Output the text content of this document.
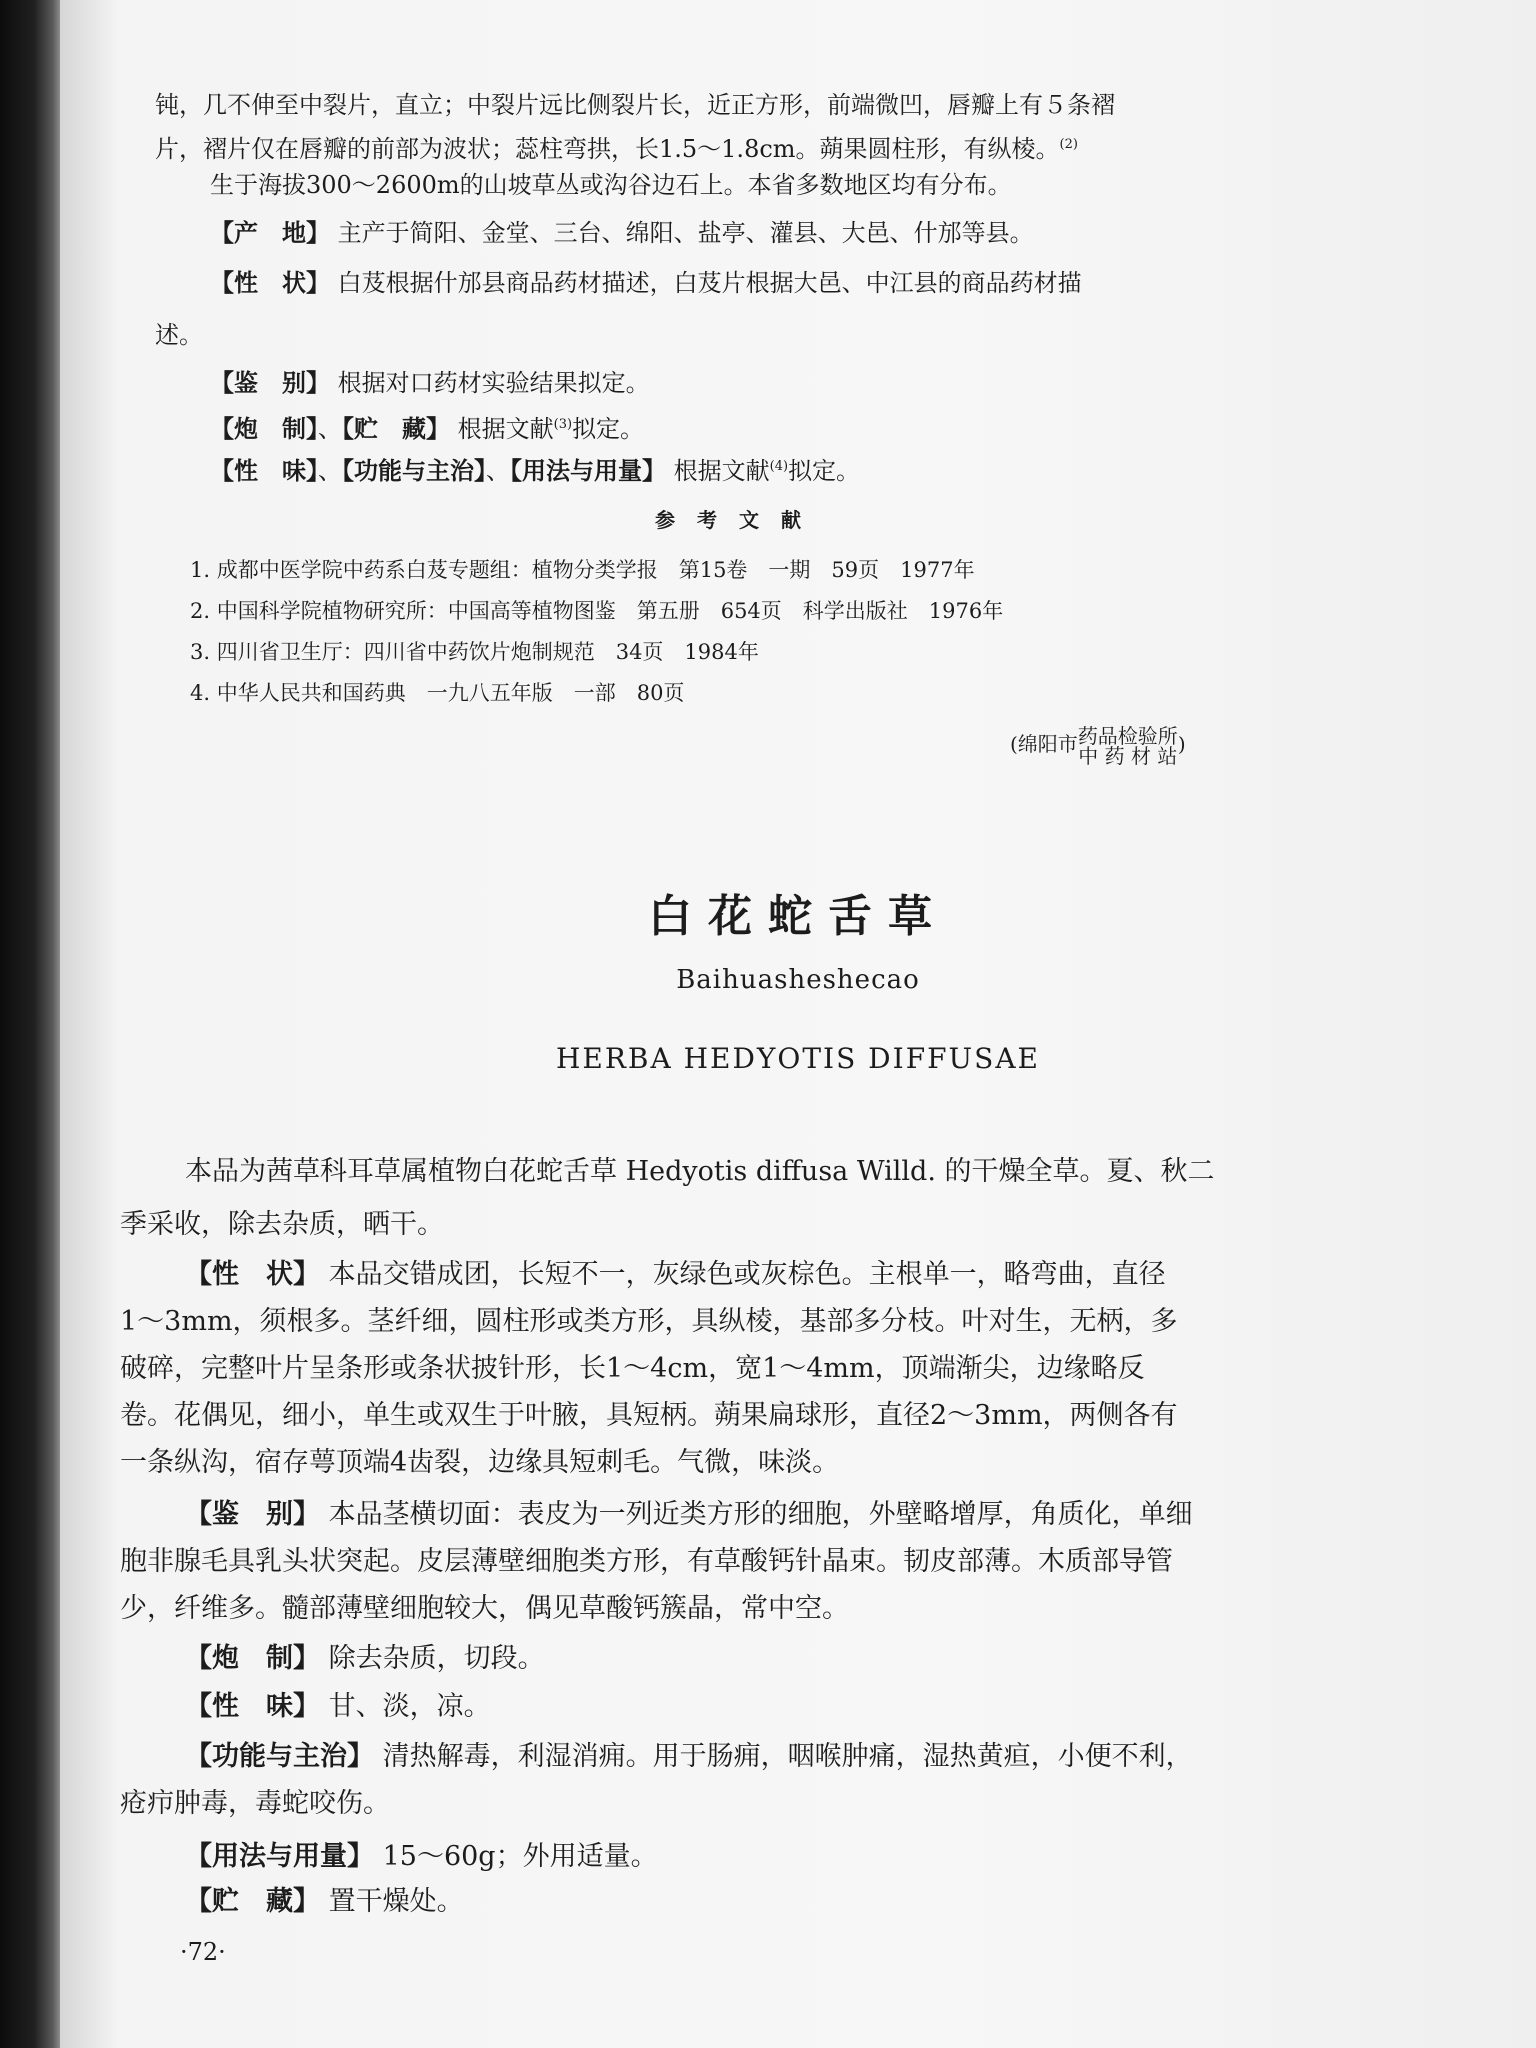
钝，几不伸至中裂片，直立；中裂片远比侧裂片长，近正方形，前端微凹，唇瓣上有５条褶
片，褶片仅在唇瓣的前部为波状；蕊柱弯拱，长1.5～1.8cm。蒴果圆柱形，有纵棱。$^{(2)}$
生于海拔300～2600m的山坡草丛或沟谷边石上。本省多数地区均有分布。
【产　地】 主产于简阳、金堂、三台、绵阳、盐亭、灌县、大邑、什邡等县。
【性　状】 白芨根据什邡县商品药材描述，白芨片根据大邑、中江县的商品药材描
述。
【鉴　别】 根据对口药材实验结果拟定。
【炮　制】、【贮　藏】 根据文献$^{(3)}$拟定。
【性　味】、【功能与主治】、【用法与用量】 根据文献$^{(4)}$拟定。
参考文献
1. 成都中医学院中药系白芨专题组：植物分类学报　第15卷　一期　59页　1977年
2. 中国科学院植物研究所：中国高等植物图鉴　第五册　654页　科学出版社　1976年
3. 四川省卫生厅：四川省中药饮片炮制规范　34页　1984年
4. 中华人民共和国药典　一九八五年版　一部　80页
(绵阳市 药品检验所
中 药 材 站 )
白花蛇舌草
Baihuasheshecao
HERBA HEDYOTIS DIFFUSAE
本品为茜草科耳草属植物白花蛇舌草 Hedyotis diffusa Willd. 的干燥全草。夏、秋二
季采收，除去杂质，晒干。
【性　状】 本品交错成团，长短不一，灰绿色或灰棕色。主根单一，略弯曲，直径
1～3mm，须根多。茎纤细，圆柱形或类方形，具纵棱，基部多分枝。叶对生，无柄，多
破碎，完整叶片呈条形或条状披针形，长1～4cm，宽1～4mm，顶端渐尖，边缘略反
卷。花偶见，细小，单生或双生于叶腋，具短柄。蒴果扁球形，直径2～3mm，两侧各有
一条纵沟，宿存萼顶端4齿裂，边缘具短刺毛。气微，味淡。
【鉴　别】 本品茎横切面：表皮为一列近类方形的细胞，外壁略增厚，角质化，单细
胞非腺毛具乳头状突起。皮层薄壁细胞类方形，有草酸钙针晶束。韧皮部薄。木质部导管
少，纤维多。髓部薄壁细胞较大，偶见草酸钙簇晶，常中空。
【炮　制】 除去杂质，切段。
【性　味】 甘、淡，凉。
【功能与主治】 清热解毒，利湿消痈。用于肠痈，咽喉肿痛，湿热黄疸，小便不利，
疮疖肿毒，毒蛇咬伤。
【用法与用量】 15～60g；外用适量。
【贮　藏】 置干燥处。
·72·
